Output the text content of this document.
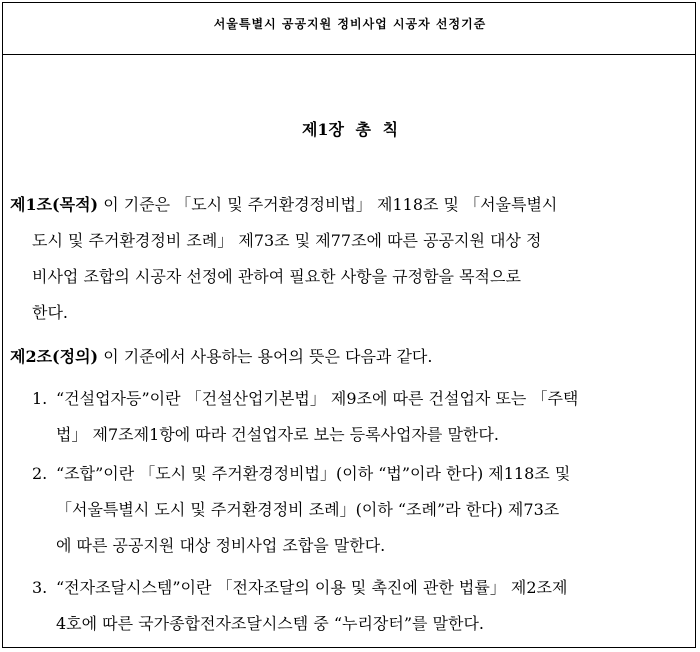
서울특별시 공공지원 정비사업 시공자 선정기준
제1장 총 칙
제1조(목적) 이 기준은 「도시 및 주거환경정비법」 제118조 및 「서울특별시
도시 및 주거환경정비 조례」 제73조 및 제77조에 따른 공공지원 대상 정
비사업 조합의 시공자 선정에 관하여 필요한 사항을 규정함을 목적으로
한다.
제2조(정의) 이 기준에서 사용하는 용어의 뜻은 다음과 같다.
1. “건설업자등”이란 「건설산업기본법」 제9조에 따른 건설업자 또는 「주택
법」 제7조제1항에 따라 건설업자로 보는 등록사업자를 말한다.
2. “조합”이란 「도시 및 주거환경정비법」(이하 “법”이라 한다) 제118조 및
「서울특별시 도시 및 주거환경정비 조례」(이하 “조례”라 한다) 제73조
에 따른 공공지원 대상 정비사업 조합을 말한다.
3. “전자조달시스템”이란 「전자조달의 이용 및 촉진에 관한 법률」 제2조제
4호에 따른 국가종합전자조달시스템 중 “누리장터”를 말한다.
